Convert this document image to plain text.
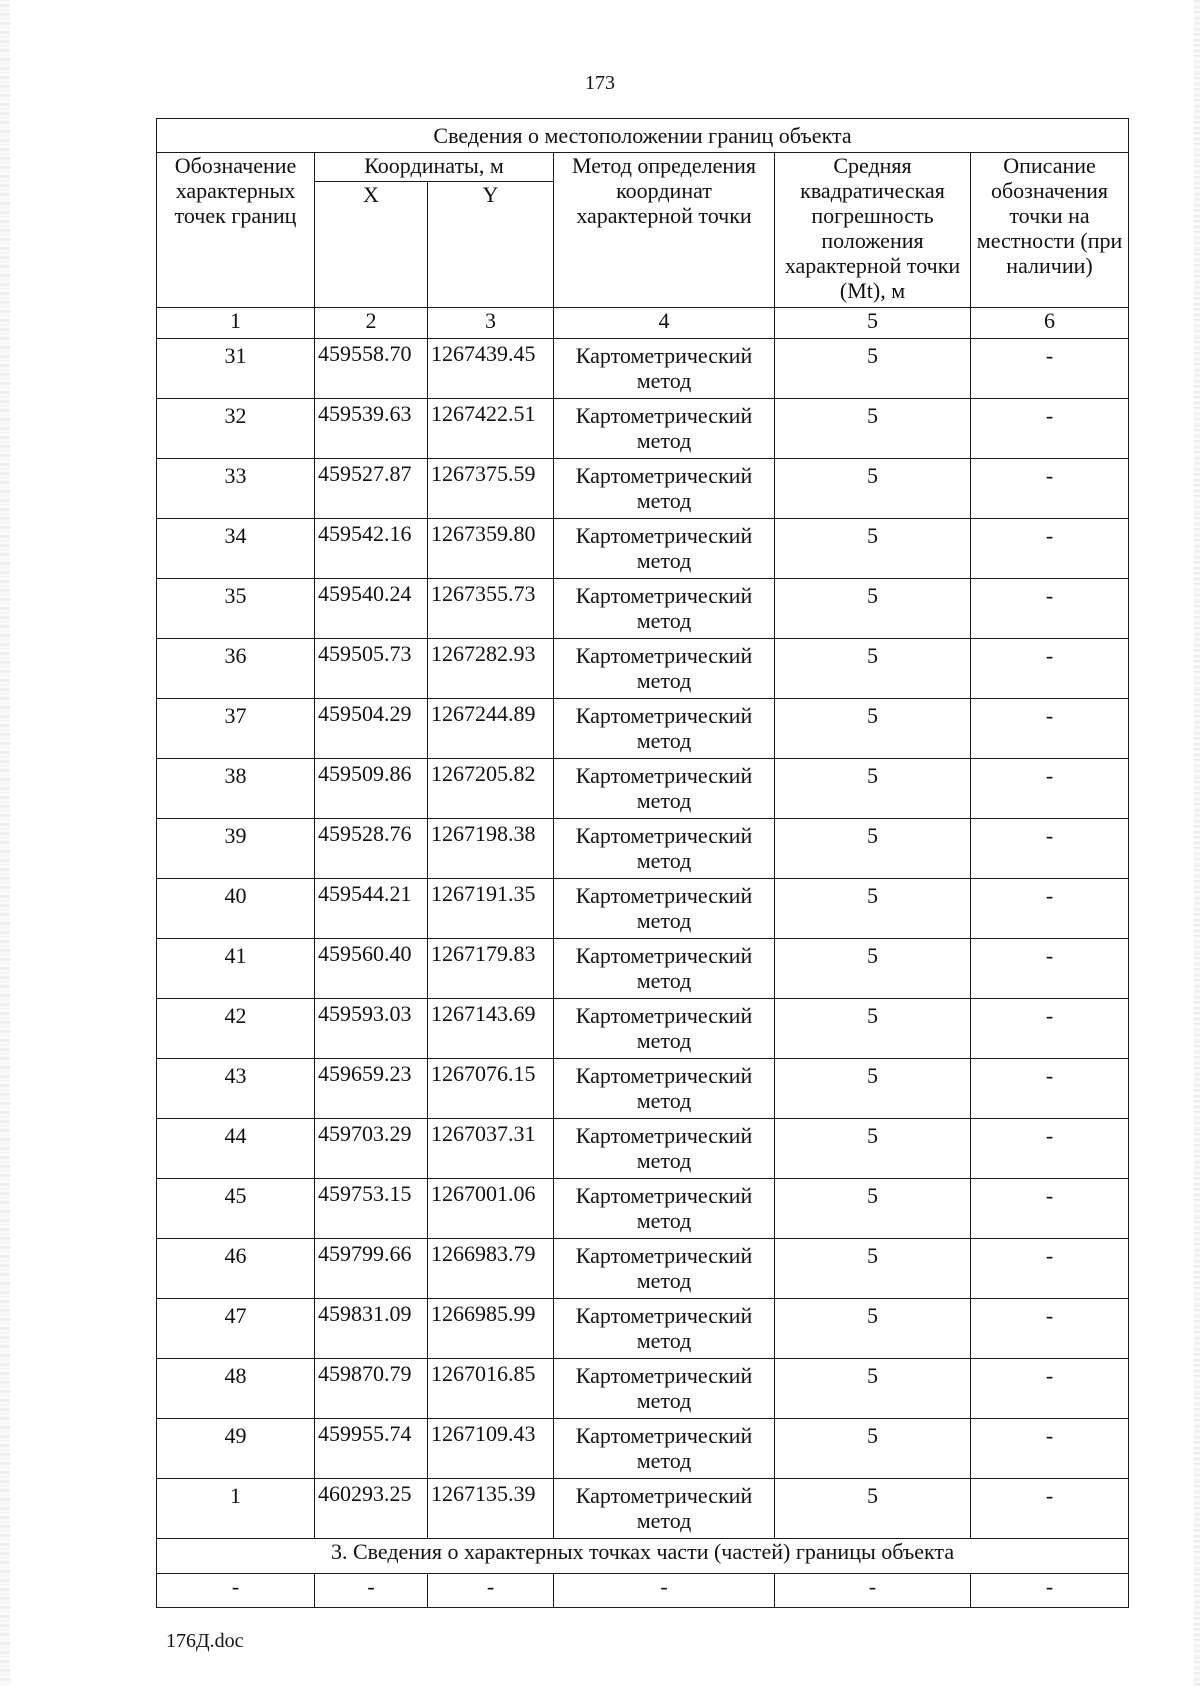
173
Сведения о местоположении границ объекта					
Обозначение характерных точек границ	Координаты, м		Метод определения координат характерной точки	Средняя квадратическая погрешность положения характерной точки (Mt), м	Описание обозначения точки на местности (при наличии)
	X	Y			
1	2	3	4	5	6
31	459558.70	1267439.45	Картометрический метод	5	-
32	459539.63	1267422.51	Картометрический метод	5	-
33	459527.87	1267375.59	Картометрический метод	5	-
34	459542.16	1267359.80	Картометрический метод	5	-
35	459540.24	1267355.73	Картометрический метод	5	-
36	459505.73	1267282.93	Картометрический метод	5	-
37	459504.29	1267244.89	Картометрический метод	5	-
38	459509.86	1267205.82	Картометрический метод	5	-
39	459528.76	1267198.38	Картометрический метод	5	-
40	459544.21	1267191.35	Картометрический метод	5	-
41	459560.40	1267179.83	Картометрический метод	5	-
42	459593.03	1267143.69	Картометрический метод	5	-
43	459659.23	1267076.15	Картометрический метод	5	-
44	459703.29	1267037.31	Картометрический метод	5	-
45	459753.15	1267001.06	Картометрический метод	5	-
46	459799.66	1266983.79	Картометрический метод	5	-
47	459831.09	1266985.99	Картометрический метод	5	-
48	459870.79	1267016.85	Картометрический метод	5	-
49	459955.74	1267109.43	Картометрический метод	5	-
1	460293.25	1267135.39	Картометрический метод	5	-
3. Сведения о характерных точках части (частей) границы объекта					
-	-	-	-	-	-
176Д.doc
